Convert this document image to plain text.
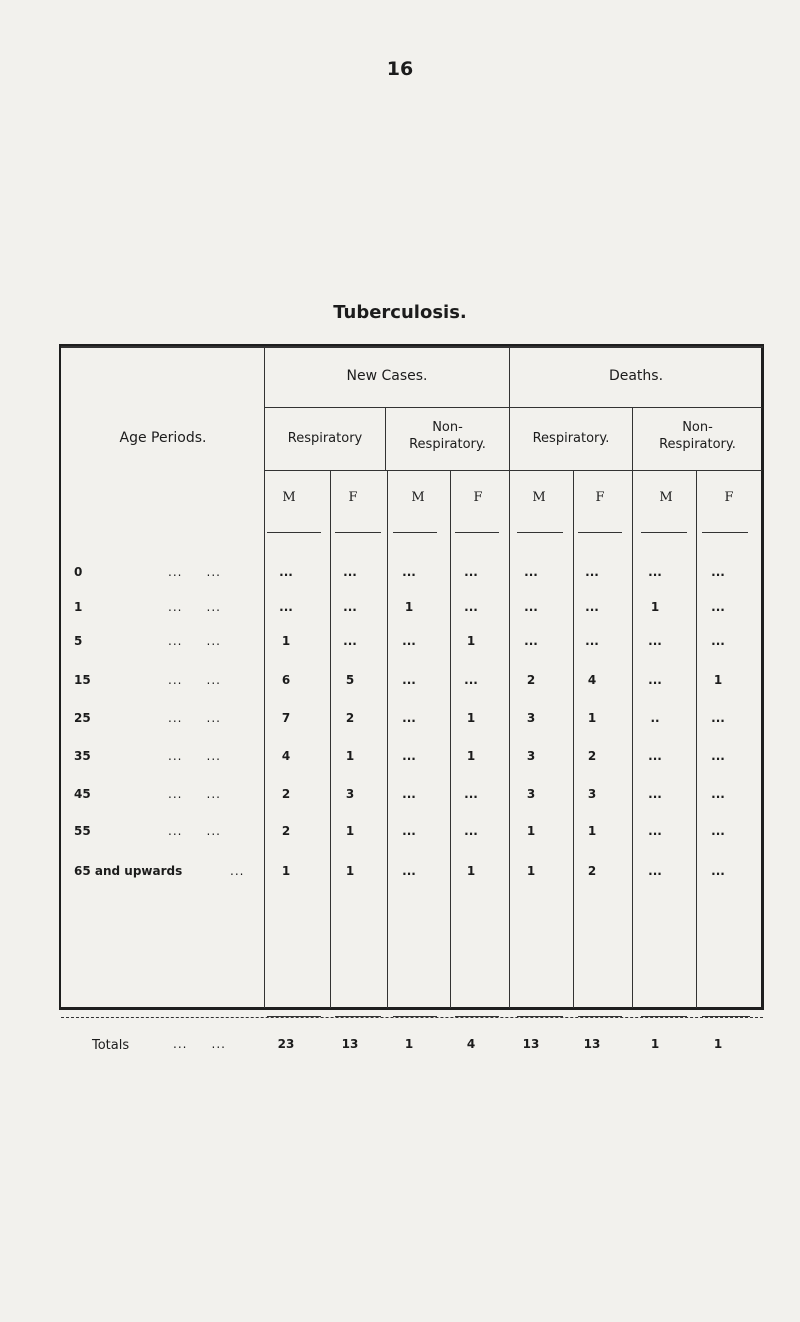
16
Tuberculosis.
Age Periods.
New Cases.	Deaths.
Respiratory
Non-
Respiratory.	Respiratory.
Non-
Respiratory.
M	F	M	F	M	F	M	F
0	...     ...	...	...	...	...	...	...	...	...
1	...     ...	...	...	1	...	...	...	1	...
5	...     ...	1	...	...	1	...	...	...	...
15	...     ...	6	5	...	...	2	4	...	1
25	...     ...	7	2	...	1	3	1	..	...
35	...     ...	4	1	...	1	3	2	...	...
45	...     ...	2	3	...	...	3	3	...	...
55	...     ...	2	1	...	...	1	1	...	...
65 and upwards	...	1	1	...	1	1	2	...	...
Totals	...     ...	23	13	1	4	13	13	1	1
